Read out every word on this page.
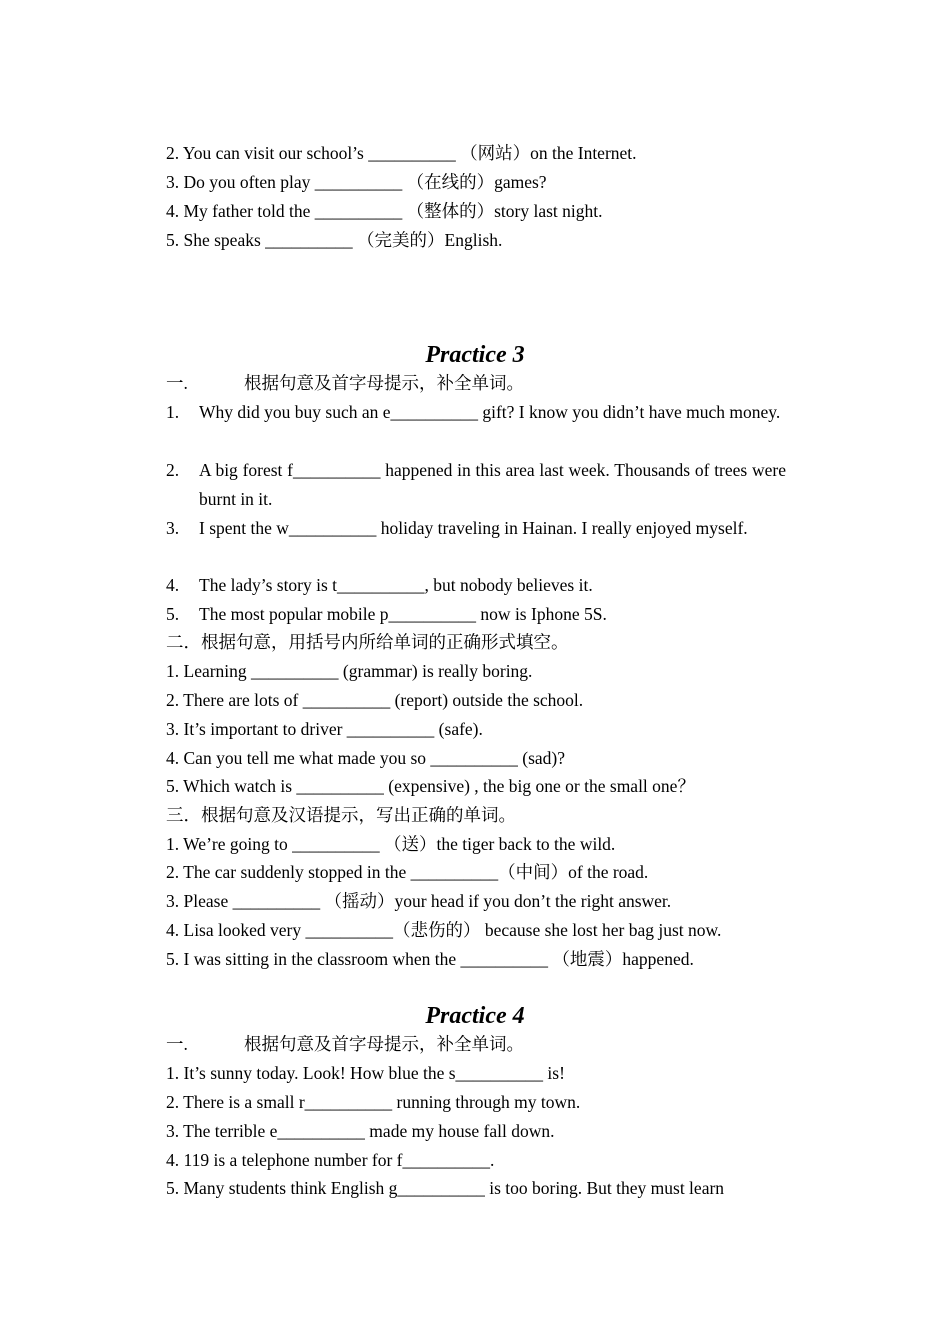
2. You can visit our school’s __________ （网站）on the Internet.
3. Do you often play __________ （在线的）games?
4. My father told the __________ （整体的）story last night.
5. She speaks __________ （完美的）English.
Practice 3
一.	根据句意及首字母提示，补全单词。
1. Why did you buy such an e__________ gift? I know you didn’t have much money.
2. A big forest f__________ happened in this area last week. Thousands of trees were burnt in it.
3. I spent the w__________ holiday traveling in Hainan. I really enjoyed myself.
4. The lady’s story is t__________, but nobody believes it.
5. The most popular mobile p__________ now is Iphone 5S.
二．根据句意，用括号内所给单词的正确形式填空。
1. Learning __________ (grammar) is really boring.
2. There are lots of __________ (report) outside the school.
3. It’s important to driver __________ (safe).
4. Can you tell me what made you so __________ (sad)?
5. Which watch is __________ (expensive) , the big one or the small one？
三．根据句意及汉语提示，写出正确的单词。
1. We’re going to __________ （送）the tiger back to the wild.
2. The car suddenly stopped in the __________（中间）of the road.
3. Please __________ （摇动）your head if you don’t the right answer.
4. Lisa looked very __________（悲伤的） because she lost her bag just now.
5. I was sitting in the classroom when the __________ （地震）happened.
Practice 4
一.	根据句意及首字母提示，补全单词。
1. It’s sunny today. Look! How blue the s__________ is!
2. There is a small r__________ running through my town.
3. The terrible e__________ made my house fall down.
4. 119 is a telephone number for f__________.
5. Many students think English g__________ is too boring. But they must learn
